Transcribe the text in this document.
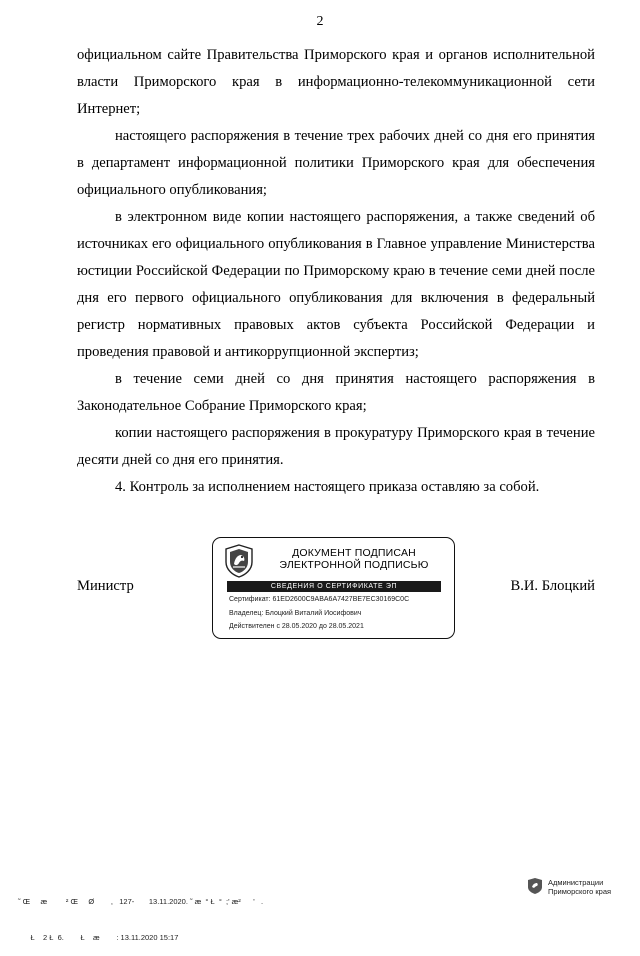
2

официальном сайте Правительства Приморского края и органов исполнительной власти Приморского края в информационно-телекоммуникационной сети Интернет;

настоящего распоряжения в течение трех рабочих дней со дня его принятия в департамент информационной политики Приморского края для обеспечения официального опубликования;

в электронном виде копии настоящего распоряжения, а также сведений об источниках его официального опубликования в Главное управление Министерства юстиции Российской Федерации по Приморскому краю в течение семи дней после дня его первого официального опубликования для включения в федеральный регистр нормативных правовых актов субъекта Российской Федерации и проведения правовой и антикоррупционной экспертиз;

в течение семи дней со дня принятия настоящего распоряжения в Законодательное Собрание Приморского края;

копии настоящего распоряжения в прокуратуру Приморского края в течение десяти дней со дня его принятия.

4. Контроль за исполнением настоящего приказа оставляю за собой.

Министр	В.И. Блоцкий
ДОКУМЕНТ ПОДПИСАН
ЭЛЕКТРОННОЙ ПОДПИСЬЮ
СВЕДЕНИЯ О СЕРТИФИКАТЕ ЭП
Сертификат: 61ED2600C9ABA6A7427BE7EC30169C0C
Владелец: Блоцкий Виталий Иосифович
Действителен с 28.05.2020 до 28.05.2021

˜ Œ     æ         ² Œ     Ø        ,   127-       13.11.2020. ˜ æ  ° Ł  °  ;' æ²      '   .

Ł    2 Ł  6.        Ł    æ        : 13.11.2020 15:17

Администрации
Приморского края
